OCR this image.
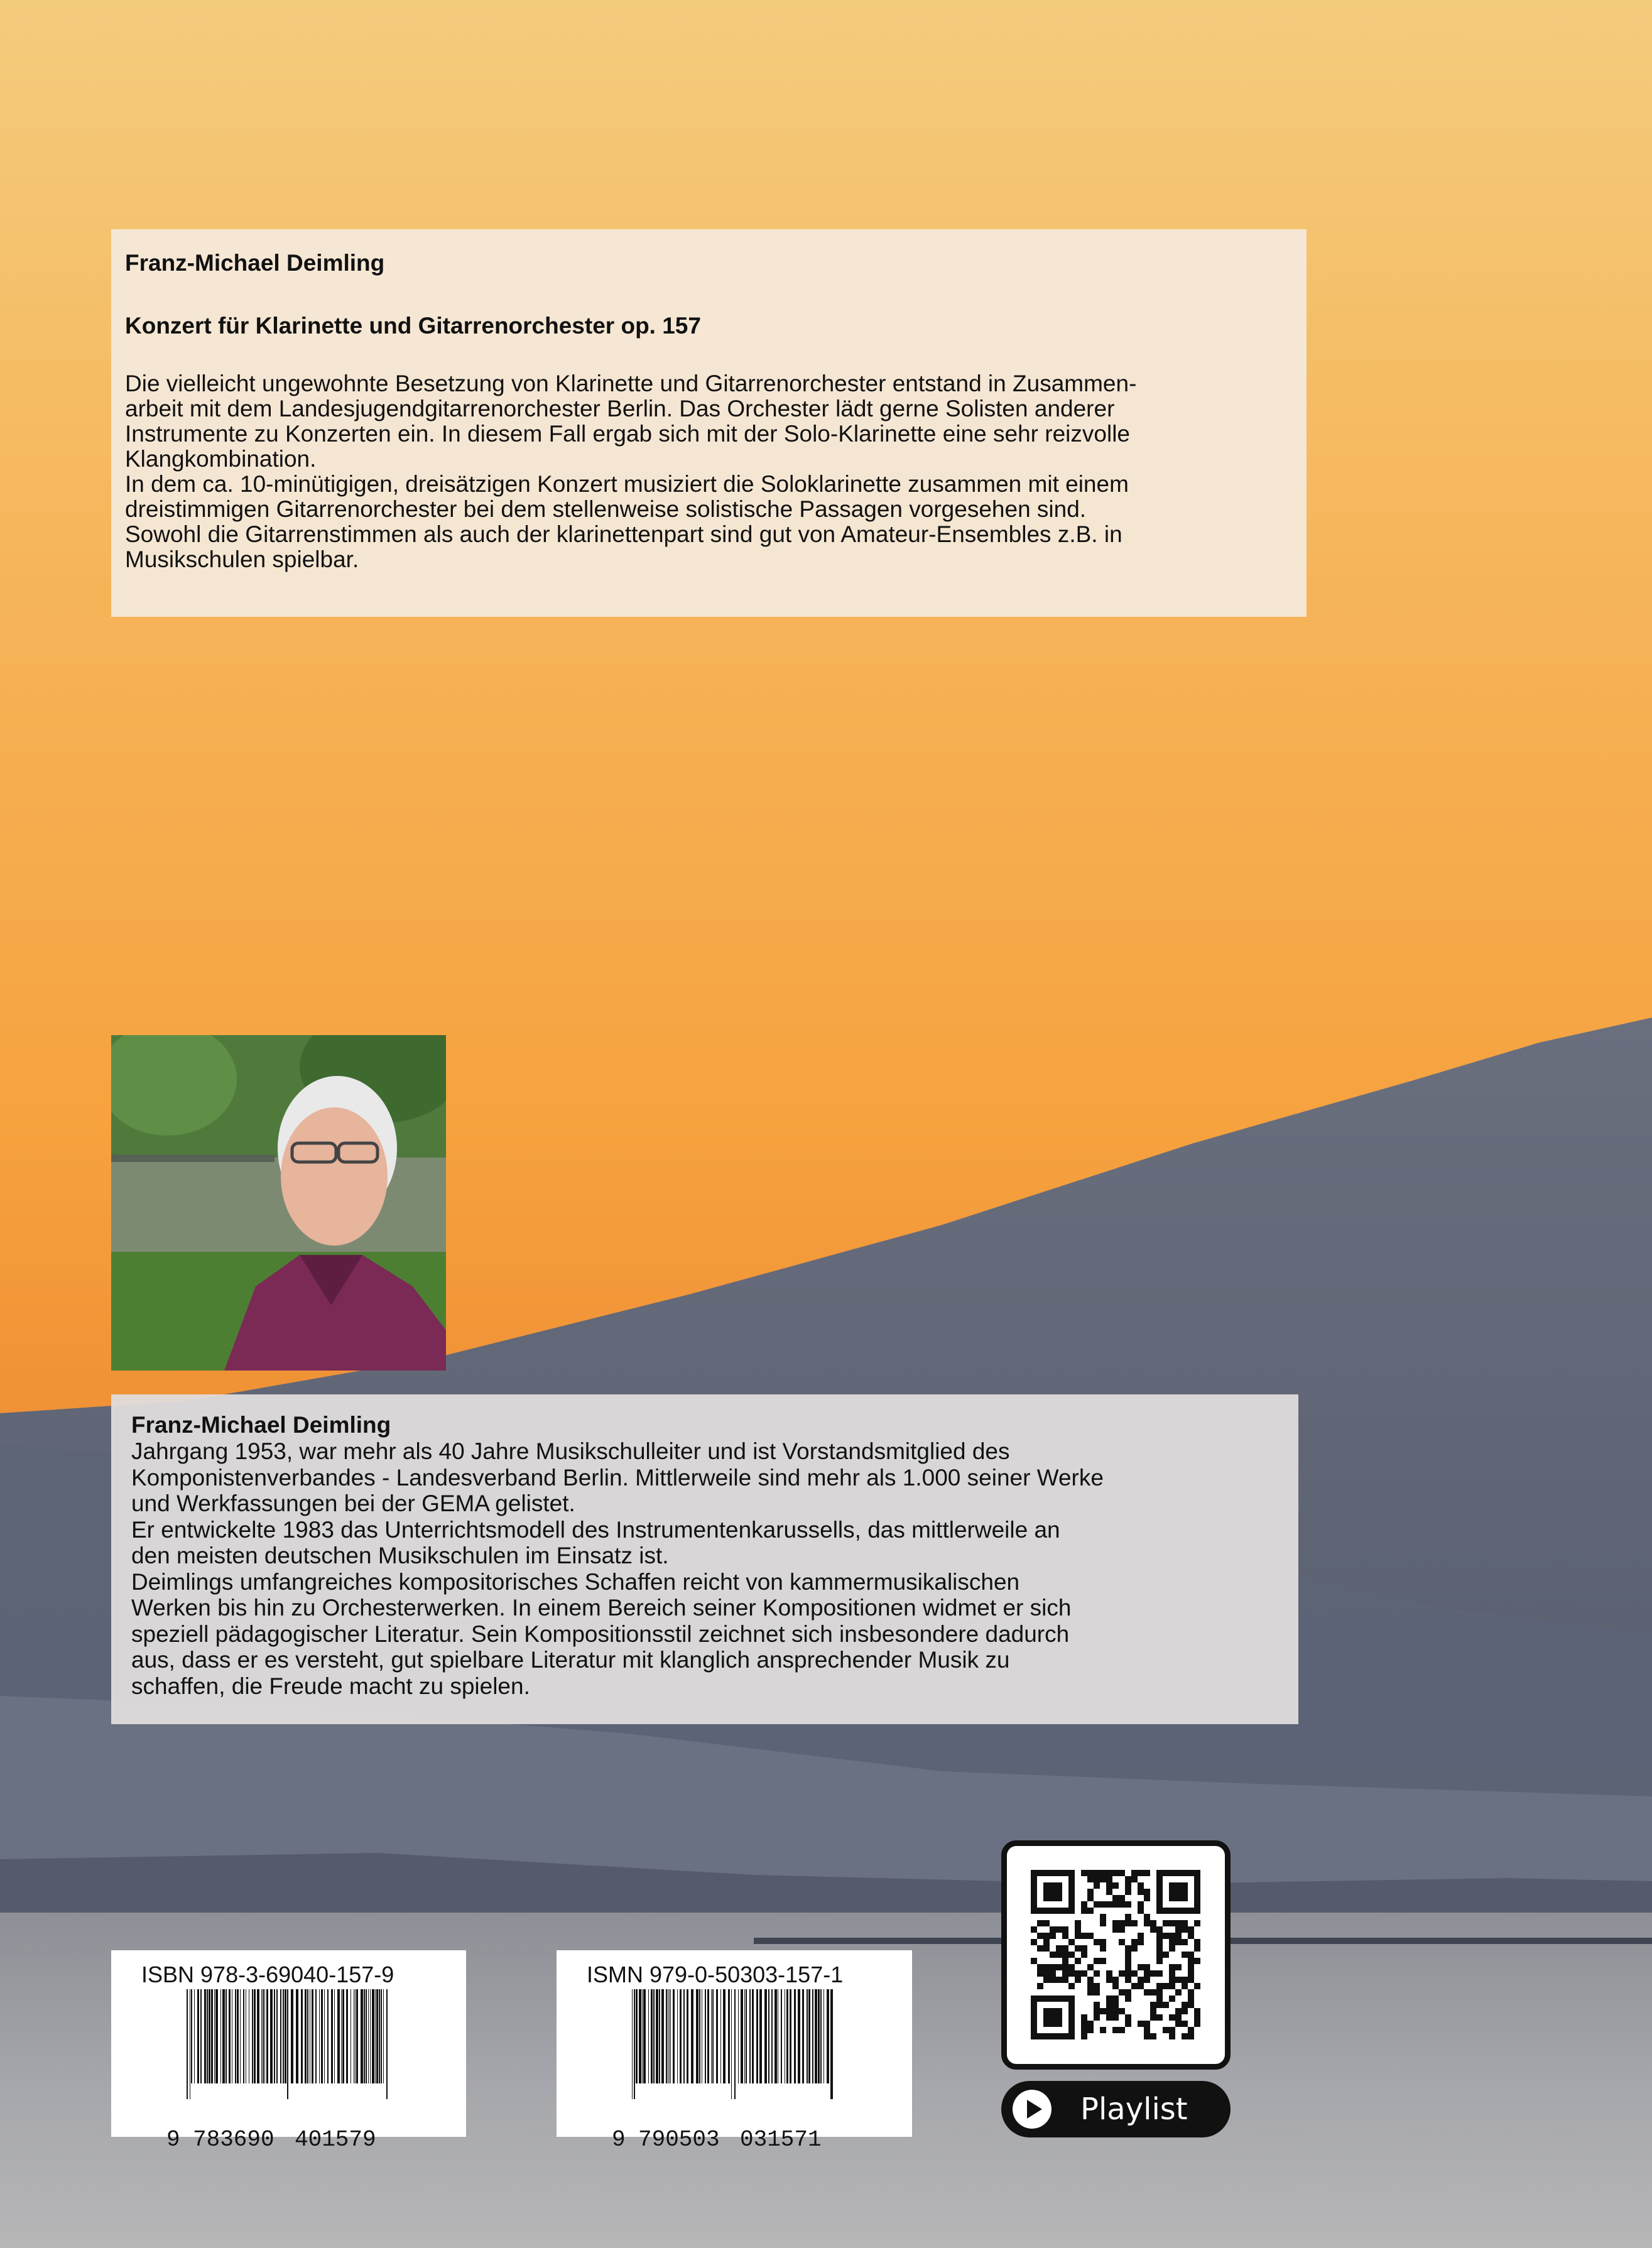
Franz-Michael Deimling
Konzert für Klarinette und Gitarrenorchester op. 157

Die vielleicht ungewohnte Besetzung von Klarinette und Gitarrenorchester entstand in Zusammen-

arbeit mit dem Landesjugendgitarrenorchester Berlin. Das Orchester lädt gerne Solisten anderer

Instrumente zu Konzerten ein. In diesem Fall ergab sich mit der Solo-Klarinette eine sehr reizvolle

Klangkombination.

In dem ca. 10-minütigigen, dreisätzigen Konzert musiziert die Soloklarinette zusammen mit einem

dreistimmigen Gitarrenorchester bei dem stellenweise solistische Passagen vorgesehen sind.

Sowohl die Gitarrenstimmen als auch der klarinettenpart sind gut von Amateur-Ensembles z.B. in

Musikschulen spielbar.

Franz-Michael Deimling

Jahrgang 1953, war mehr als 40 Jahre Musikschulleiter und ist Vorstandsmitglied des

Komponistenverbandes - Landesverband Berlin. Mittlerweile sind mehr als 1.000 seiner Werke

und Werkfassungen bei der GEMA gelistet.

Er entwickelte 1983 das Unterrichtsmodell des Instrumentenkarussells, das mittlerweile an

den meisten deutschen Musikschulen im Einsatz ist.

Deimlings umfangreiches kompositorisches Schaffen reicht von kammermusikalischen

Werken bis hin zu Orchesterwerken. In einem Bereich seiner Kompositionen widmet er sich

speziell pädagogischer Literatur. Sein Kompositionsstil zeichnet sich insbesondere dadurch

aus, dass er es versteht, gut spielbare Literatur mit klanglich ansprechender Musik zu

schaffen, die Freude macht zu spielen.

ISBN 978-3-69040-157-9
9 783690 401579
ISMN 979-0-50303-157-1
9 790503 031571
Playlist
